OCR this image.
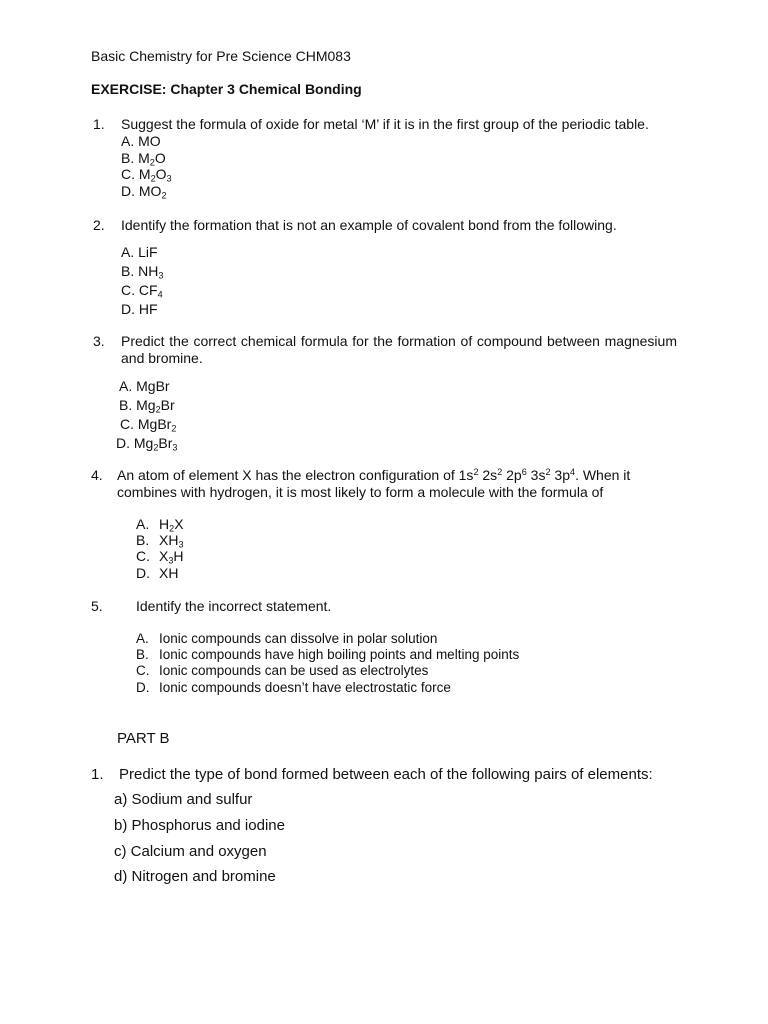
Basic Chemistry for Pre Science CHM083
EXERCISE: Chapter 3 Chemical Bonding
1. Suggest the formula of oxide for metal ‘M’ if it is in the first group of the periodic table.
A. MO
B. $M_2O$
C. $M_2O_3$
D. $MO_2$
2. Identify the formation that is not an example of covalent bond from the following.
A. LiF
B. $NH_3$
C. $CF_4$
D. HF
3. Predict the correct chemical formula for the formation of compound between magnesium
and bromine.
A. MgBr
B. $Mg_2Br$
C. MgBr$_2$
D. $Mg_2Br_3$
4. An atom of element X has the electron configuration of $1s^2$ $2s^2$ $2p^6$ $3s^2$ $3p^4$. When it
combines with hydrogen, it is most likely to form a molecule with the formula of
A. $H_2X$
B. $XH_3$
C. $X_3H$
D. XH
5. Identify the incorrect statement.
A. Ionic compounds can dissolve in polar solution
B. Ionic compounds have high boiling points and melting points
C. Ionic compounds can be used as electrolytes
D. Ionic compounds doesn’t have electrostatic force
PART B
1. Predict the type of bond formed between each of the following pairs of elements:
a) Sodium and sulfur
b) Phosphorus and iodine
c) Calcium and oxygen
d) Nitrogen and bromine
